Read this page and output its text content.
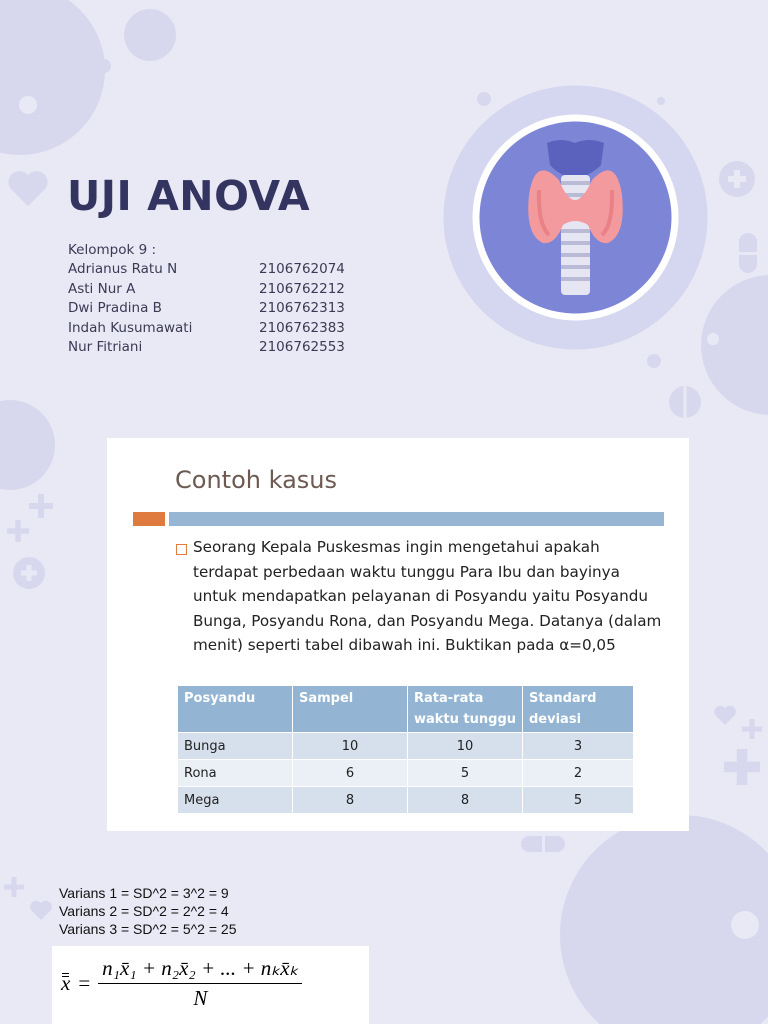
UJI ANOVA
Kelompok 9 :
Adrianus Ratu N	2106762074
Asti Nur A	2106762212
Dwi Pradina B	2106762313
Indah Kusumawati	2106762383
Nur Fitriani	2106762553
Contoh kasus
Seorang Kepala Puskesmas ingin mengetahui apakah terdapat perbedaan waktu tunggu Para Ibu dan bayinya untuk mendapatkan pelayanan di Posyandu yaitu Posyandu Bunga, Posyandu Rona, dan Posyandu Mega. Datanya (dalam menit) seperti tabel dibawah ini. Buktikan pada α=0,05
Posyandu	Sampel	Rata-rata waktu tunggu	Standard deviasi
Bunga	10	10	3
Rona	6	5	2
Mega	8	8	5
Varians 1 = SD^2 = 3^2 = 9
Varians 2 = SD^2 = 2^2 = 4
Varians 3 = SD^2 = 5^2 = 25
$x = \frac{\text{n₁x̄₁ + n₂x̄₂ + ... + nₖx̄ₖ}}{N}$
